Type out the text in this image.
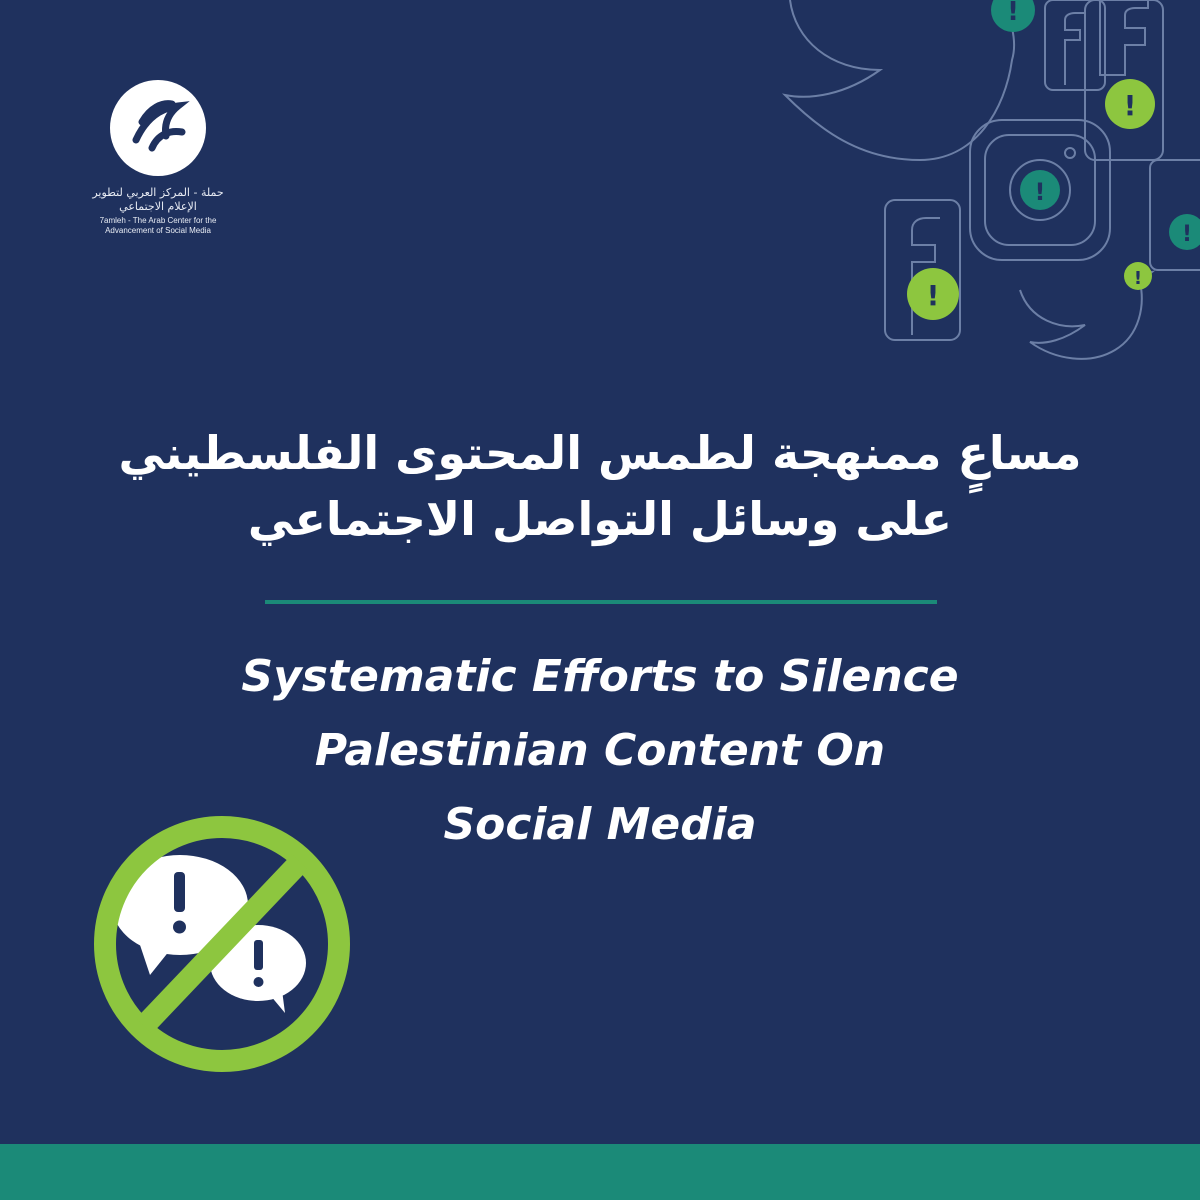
!
!
!
!
!
!
حملة - المركز العربي لتطوير الإعلام الاجتماعي
7amleh - The Arab Center for the Advancement of Social Media
مساعٍ ممنهجة لطمس المحتوى الفلسطيني
على وسائل التواصل الاجتماعي
Systematic Efforts to Silence
Palestinian Content On
Social Media
